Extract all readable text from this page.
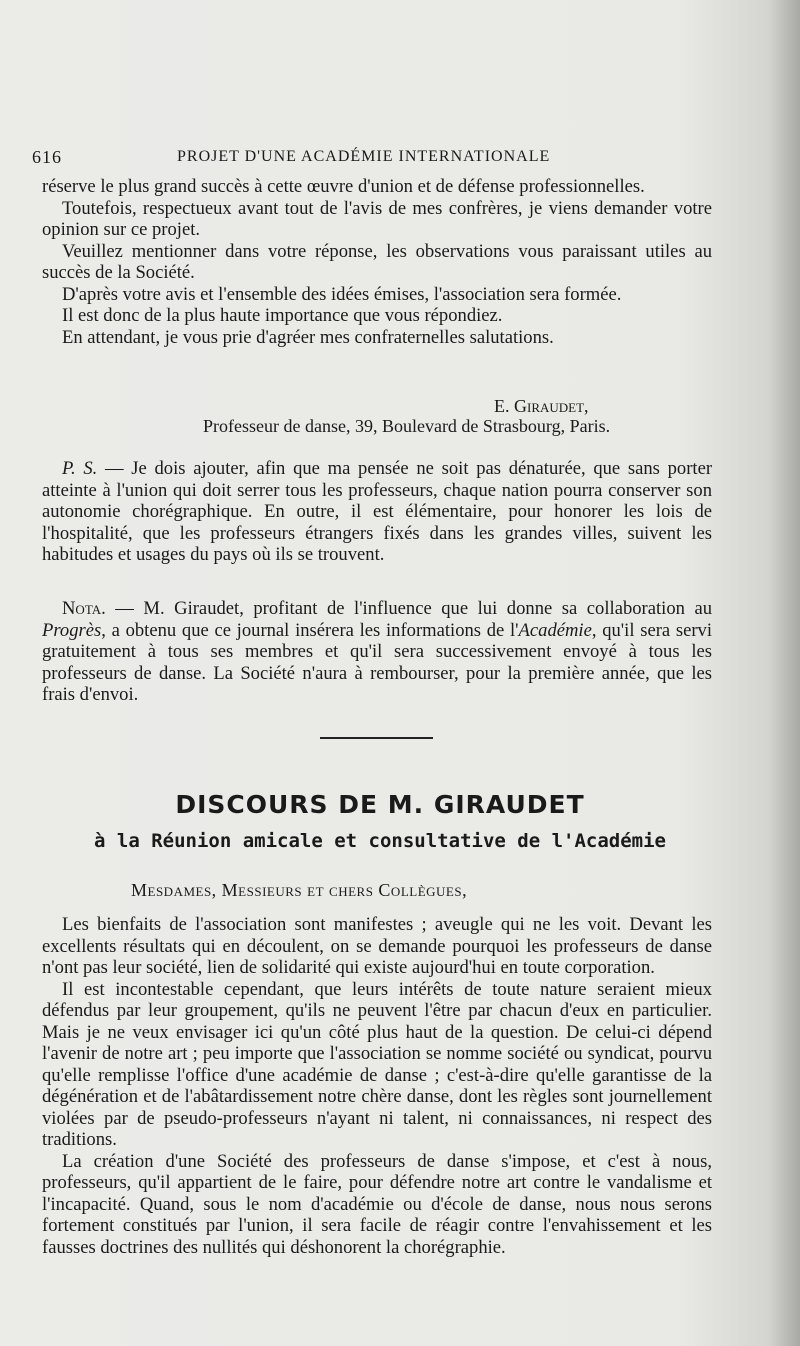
616	PROJET D'UNE ACADÉMIE INTERNATIONALE

réserve le plus grand succès à cette œuvre d'union et de défense professionnelles.

Toutefois, respectueux avant tout de l'avis de mes confrères, je viens demander votre opinion sur ce projet.

Veuillez mentionner dans votre réponse, les observations vous paraissant utiles au succès de la Société.

D'après votre avis et l'ensemble des idées émises, l'association sera formée.

Il est donc de la plus haute importance que vous répondiez.

En attendant, je vous prie d'agréer mes confraternelles salutations.

E. Giraudet,
Professeur de danse, 39, Boulevard de Strasbourg, Paris.

P. S. — Je dois ajouter, afin que ma pensée ne soit pas dénaturée, que sans porter atteinte à l'union qui doit serrer tous les professeurs, chaque nation pourra conserver son autonomie chorégraphique. En outre, il est élémentaire, pour honorer les lois de l'hospitalité, que les professeurs étrangers fixés dans les grandes villes, suivent les habitudes et usages du pays où ils se trouvent.

Nota. — M. Giraudet, profitant de l'influence que lui donne sa collaboration au Progrès, a obtenu que ce journal insérera les informations de l'Académie, qu'il sera servi gratuitement à tous ses membres et qu'il sera successivement envoyé à tous les professeurs de danse. La Société n'aura à rembourser, pour la première année, que les frais d'envoi.

DISCOURS DE M. GIRAUDET
à la Réunion amicale et consultative de l'Académie
Mesdames, Messieurs et chers Collègues,

Les bienfaits de l'association sont manifestes ; aveugle qui ne les voit. Devant les excellents résultats qui en découlent, on se demande pourquoi les professeurs de danse n'ont pas leur société, lien de solidarité qui existe aujourd'hui en toute corporation.

Il est incontestable cependant, que leurs intérêts de toute nature seraient mieux défendus par leur groupement, qu'ils ne peuvent l'être par chacun d'eux en particulier. Mais je ne veux envisager ici qu'un côté plus haut de la question. De celui-ci dépend l'avenir de notre art ; peu importe que l'association se nomme société ou syndicat, pourvu qu'elle remplisse l'office d'une académie de danse ; c'est-à-dire qu'elle garantisse de la dégénération et de l'abâtardissement notre chère danse, dont les règles sont journellement violées par de pseudo-professeurs n'ayant ni talent, ni connaissances, ni respect des traditions.

La création d'une Société des professeurs de danse s'impose, et c'est à nous, professeurs, qu'il appartient de le faire, pour défendre notre art contre le vandalisme et l'incapacité. Quand, sous le nom d'académie ou d'école de danse, nous nous serons fortement constitués par l'union, il sera facile de réagir contre l'envahissement et les fausses doctrines des nullités qui déshonorent la chorégraphie.
